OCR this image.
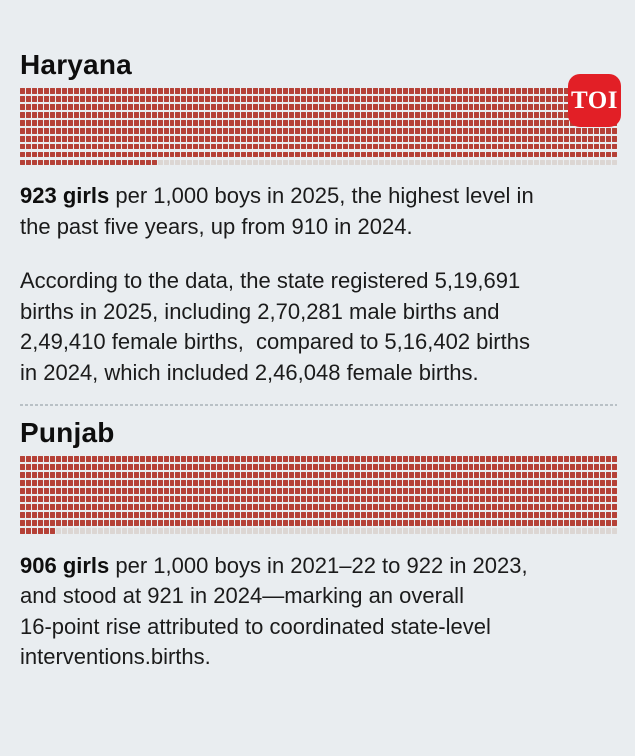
TOI
Haryana

923 girls per 1,000 boys in 2025, the highest level in
the past five years, up from 910 in 2024.

According to the data, the state registered 5,19,691
births in 2025, including 2,70,281 male births and
2,49,410 female births,  compared to 5,16,402 births
in 2024, which included 2,46,048 female births.

Punjab

906 girls per 1,000 boys in 2021–22 to 922 in 2023,
and stood at 921 in 2024—marking an overall
16-point rise attributed to coordinated state-level
interventions.births.
